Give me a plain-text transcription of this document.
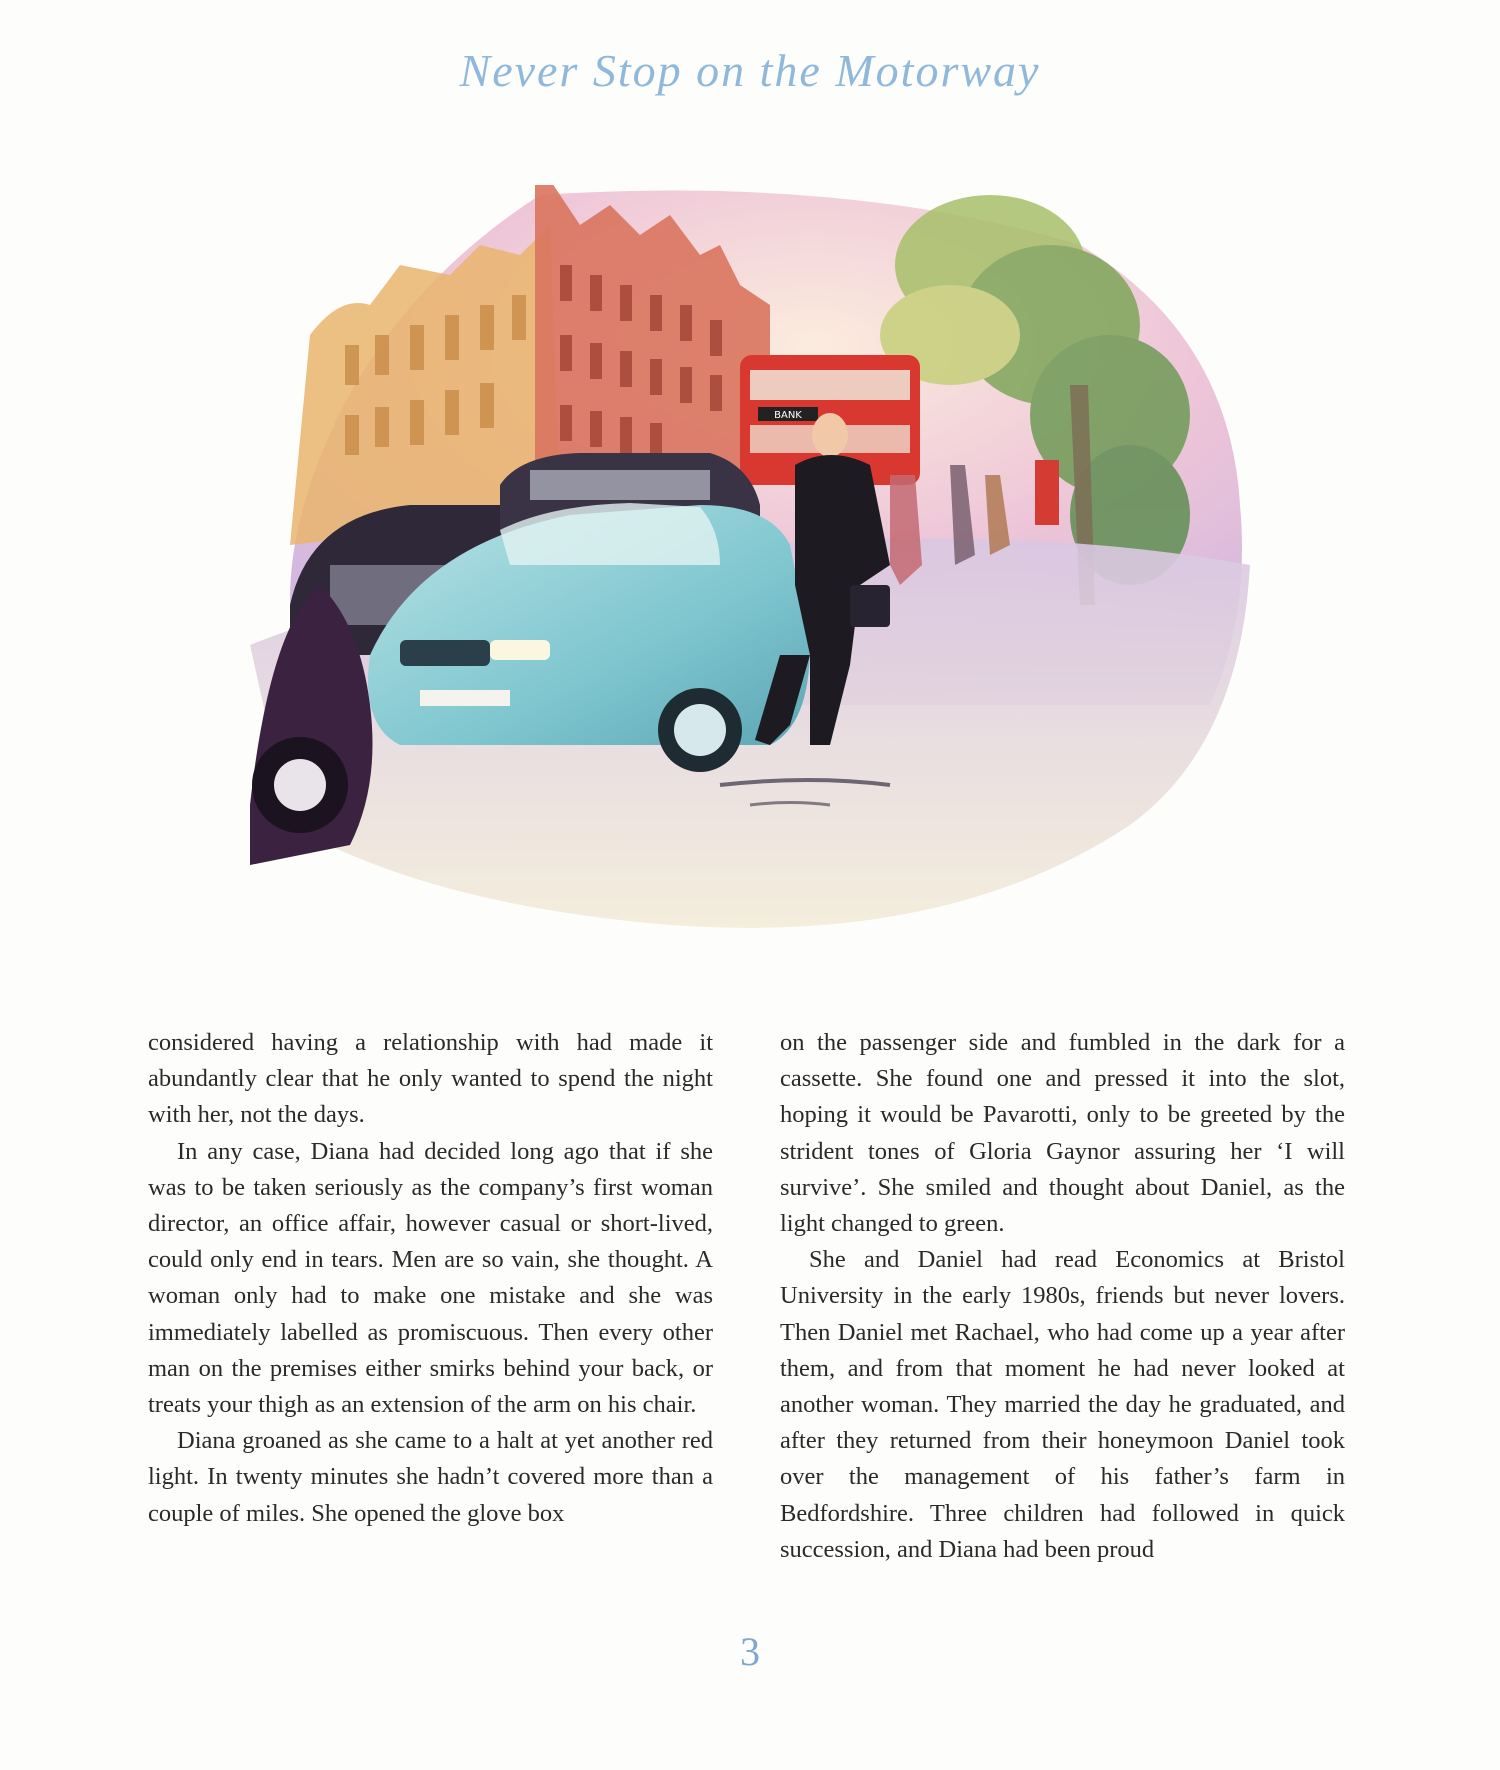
Never Stop on the Motorway
BANK

considered having a relationship with had made it abundantly clear that he only wanted to spend the night with her, not the days.

In any case, Diana had decided long ago that if she was to be taken seriously as the company’s first woman director, an office affair, however casual or short-lived, could only end in tears. Men are so vain, she thought. A woman only had to make one mistake and she was immediately labelled as promiscuous. Then every other man on the premises either smirks behind your back, or treats your thigh as an extension of the arm on his chair.

Diana groaned as she came to a halt at yet another red light. In twenty minutes she hadn’t covered more than a couple of miles. She opened the glove box

on the passenger side and fumbled in the dark for a cassette. She found one and pressed it into the slot, hoping it would be Pavarotti, only to be greeted by the strident tones of Gloria Gaynor assuring her ‘I will survive’. She smiled and thought about Daniel, as the light changed to green.

She and Daniel had read Economics at Bristol University in the early 1980s, friends but never lovers. Then Daniel met Rachael, who had come up a year after them, and from that moment he had never looked at another woman. They married the day he graduated, and after they returned from their honeymoon Daniel took over the management of his father’s farm in Bedfordshire. Three children had followed in quick succession, and Diana had been proud

3
